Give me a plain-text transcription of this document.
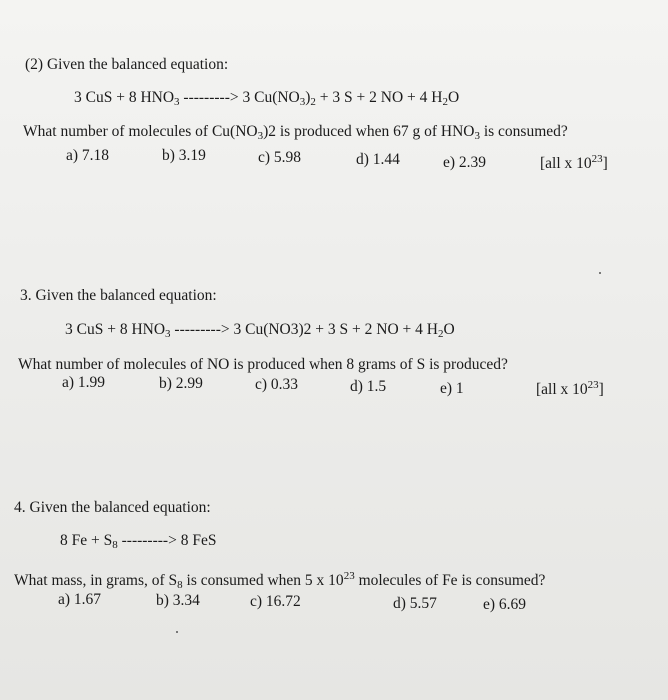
(2) Given the balanced equation:
3 CuS + 8 $HNO_3$ ---------> 3 $Cu(NO_3)_2 + 3$ S + 2 NO + 4 $H_2O$
What number of molecules of $Cu(NO_3)2$ is produced when 67 g of $HNO_3$ is consumed?
a) 7.18	b) 3.19	c) 5.98	d) 1.44	e) 2.39	[all x $10^{23}$]
3. Given the balanced equation:
3 CuS + 8 $HNO_3$ ---------> 3 Cu(NO3)2 + 3 S + 2 NO + 4 $H_2O$
What number of molecules of NO is produced when 8 grams of S is produced?
a) 1.99	b) 2.99	c) 0.33	d) 1.5	e) 1	[all x $10^{23}$]
4. Given the balanced equation:
8 $Fe + S_8$ ---------> 8 FeS
What mass, in grams, of $S_8$ is consumed when 5 x $10^{23}$ molecules of Fe is consumed?
a) 1.67	b) 3.34	c) 16.72	d) 5.57	e) 6.69
